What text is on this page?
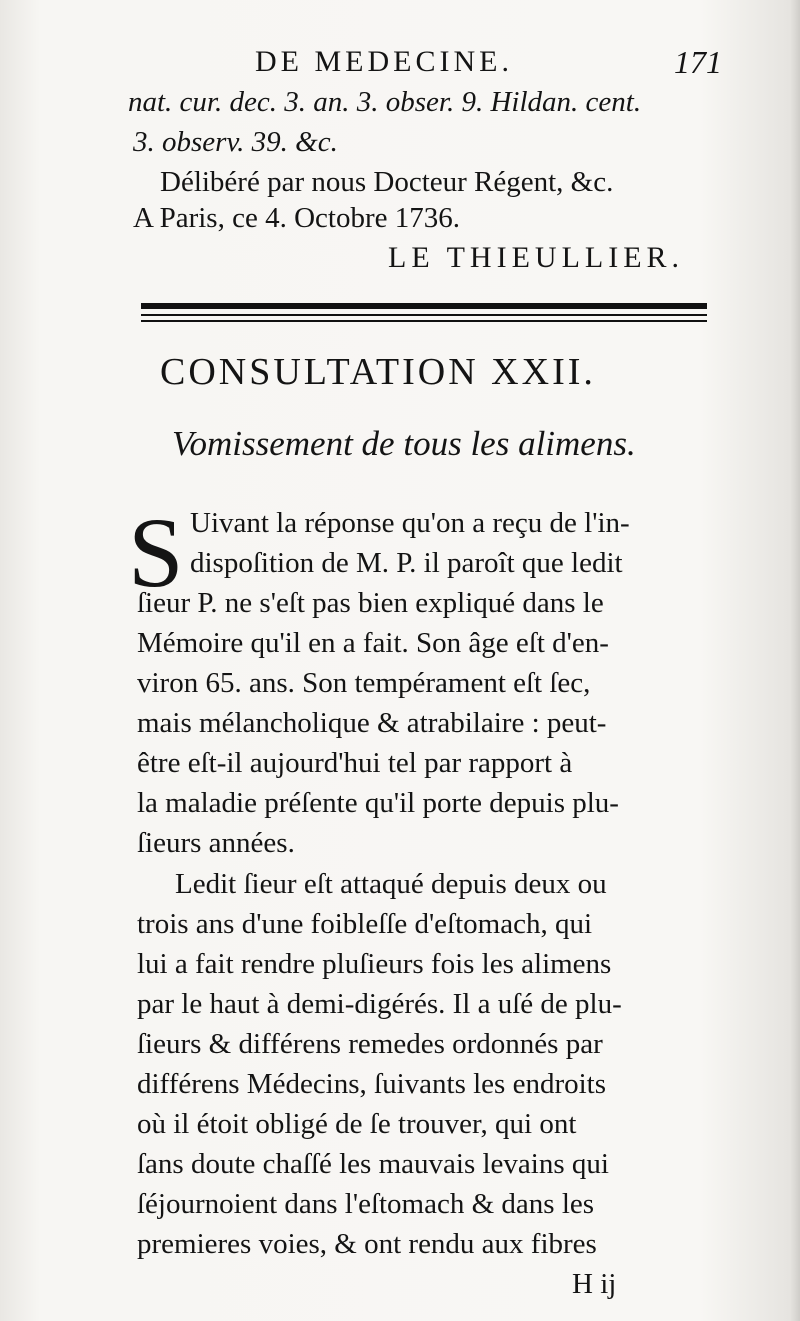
DE MEDECINE.	171
nat. cur. dec. 3. an. 3. obser. 9. Hildan. cent.
3. observ. 39. &c.
Délibéré par nous Docteur Régent, &c.
A Paris, ce 4. Octobre 1736.
LE THIEULLIER.
CONSULTATION XXII.
Vomissement de tous les alimens.
S Uivant la réponse qu'on a reçu de l'in-
dispoſition de M. P. il paroît que ledit
ſieur P. ne s'eſt pas bien expliqué dans le
Mémoire qu'il en a fait. Son âge eſt d'en-
viron 65. ans. Son tempérament eſt ſec,
mais mélancholique & atrabilaire : peut-
être eſt-il aujourd'hui tel par rapport à
la maladie préſente qu'il porte depuis plu-
ſieurs années.
Ledit ſieur eſt attaqué depuis deux ou
trois ans d'une foibleſſe d'eſtomach, qui
lui a fait rendre pluſieurs fois les alimens
par le haut à demi-digérés. Il a uſé de plu-
ſieurs & différens remedes ordonnés par
différens Médecins, ſuivants les endroits
où il étoit obligé de ſe trouver, qui ont
ſans doute chaſſé les mauvais levains qui
ſéjournoient dans l'eſtomach & dans les
premieres voies, & ont rendu aux fibres
H ij
